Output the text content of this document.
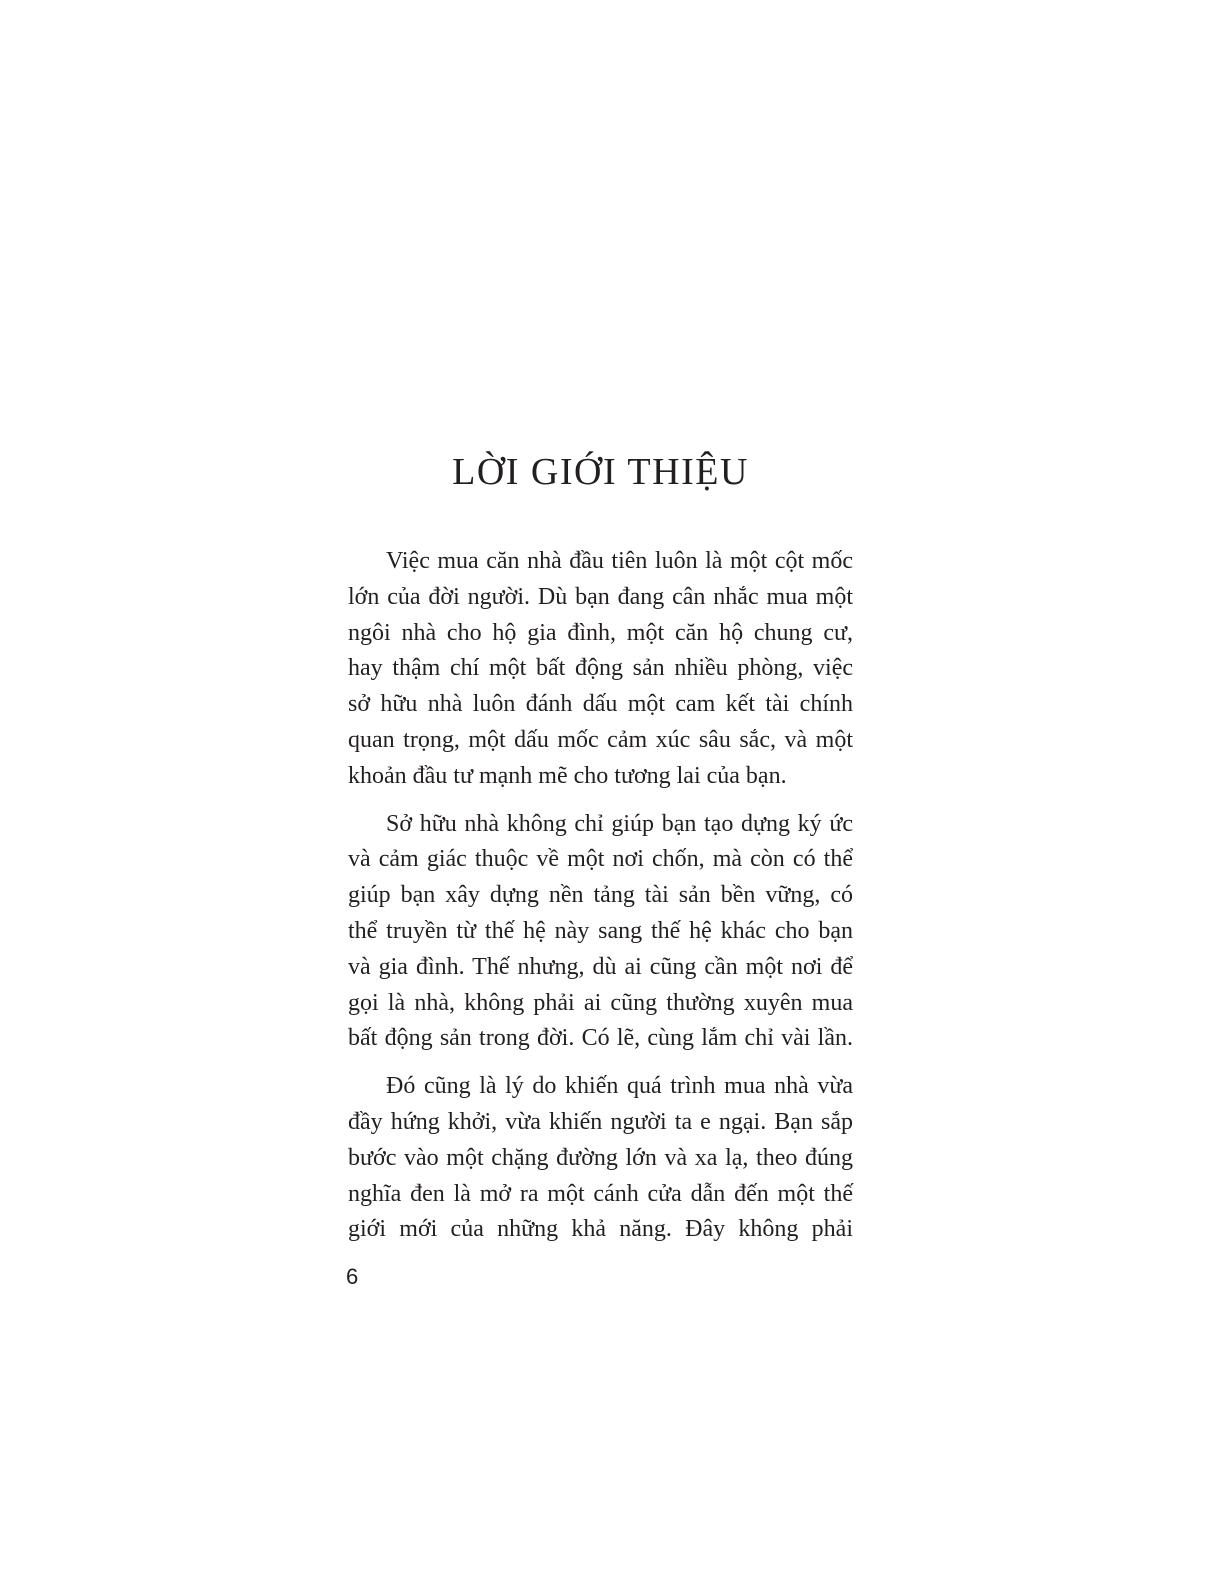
LỜI GIỚI THIỆU

Việc mua căn nhà đầu tiên luôn là một cột mốc
lớn của đời người. Dù bạn đang cân nhắc mua một
ngôi nhà cho hộ gia đình, một căn hộ chung cư,
hay thậm chí một bất động sản nhiều phòng, việc
sở hữu nhà luôn đánh dấu một cam kết tài chính
quan trọng, một dấu mốc cảm xúc sâu sắc, và một
khoản đầu tư mạnh mẽ cho tương lai của bạn.

Sở hữu nhà không chỉ giúp bạn tạo dựng ký ức
và cảm giác thuộc về một nơi chốn, mà còn có thể
giúp bạn xây dựng nền tảng tài sản bền vững, có
thể truyền từ thế hệ này sang thế hệ khác cho bạn
và gia đình. Thế nhưng, dù ai cũng cần một nơi để
gọi là nhà, không phải ai cũng thường xuyên mua
bất động sản trong đời. Có lẽ, cùng lắm chỉ vài lần.

Đó cũng là lý do khiến quá trình mua nhà vừa
đầy hứng khởi, vừa khiến người ta e ngại. Bạn sắp
bước vào một chặng đường lớn và xa lạ, theo đúng
nghĩa đen là mở ra một cánh cửa dẫn đến một thế
giới mới của những khả năng. Đây không phải

6
